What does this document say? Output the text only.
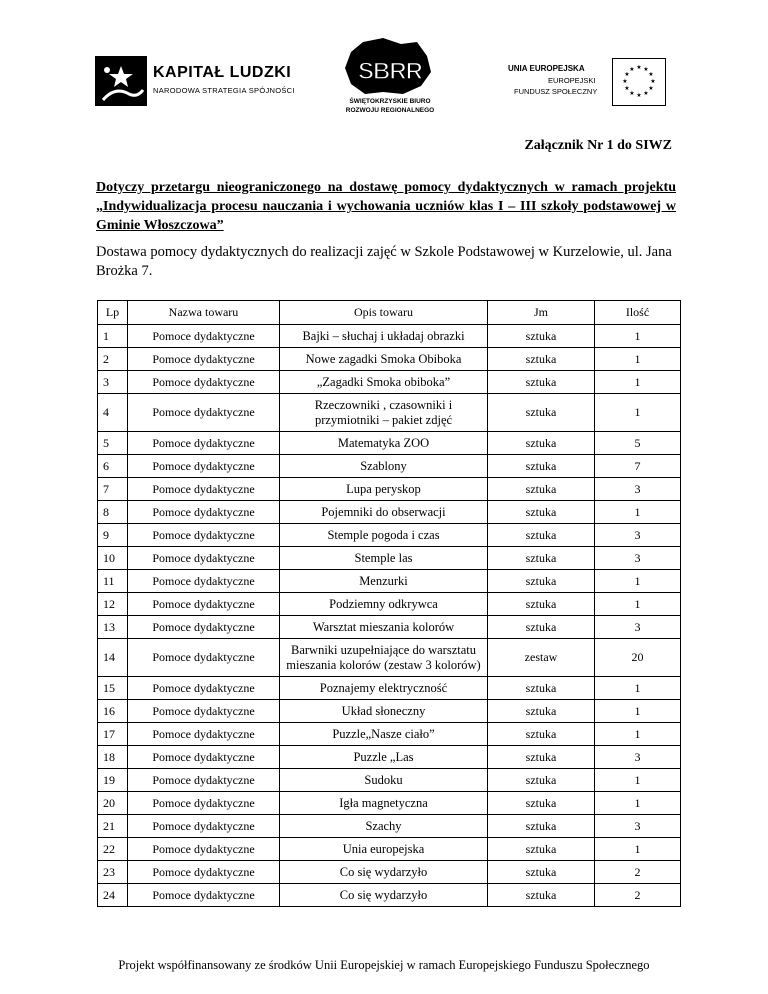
KAPITAŁ LUDZKI
NARODOWA STRATEGIA SPÓJNOŚCI
SBRR
ŚWIĘTOKRZYSKIE BIURO
ROZWOJU REGIONALNEGO
UNIA EUROPEJSKA
EUROPEJSKI
FUNDUSZ SPOŁECZNY
★ ★
★
★
★
★
★
★
★
★
★
★
Załącznik Nr 1 do SIWZ
Dotyczy przetargu nieograniczonego na dostawę pomocy dydaktycznych w ramach projektu „Indywidualizacja procesu nauczania i wychowania uczniów klas I – III szkoły podstawowej w Gminie Włoszczowa”
Dostawa pomocy dydaktycznych do realizacji zajęć w Szkole Podstawowej w Kurzelowie, ul. Jana Brożka 7.
Lp	Nazwa towaru	Opis towaru	Jm	Ilość
1	Pomoce dydaktyczne	Bajki – słuchaj i układaj obrazki	sztuka	1
2	Pomoce dydaktyczne	Nowe zagadki Smoka Obiboka	sztuka	1
3	Pomoce dydaktyczne	„Zagadki Smoka obiboka”	sztuka	1
4	Pomoce dydaktyczne	Rzeczowniki , czasowniki i przymiotniki – pakiet zdjęć	sztuka	1
5	Pomoce dydaktyczne	Matematyka ZOO	sztuka	5
6	Pomoce dydaktyczne	Szablony	sztuka	7
7	Pomoce dydaktyczne	Lupa peryskop	sztuka	3
8	Pomoce dydaktyczne	Pojemniki do obserwacji	sztuka	1
9	Pomoce dydaktyczne	Stemple pogoda i czas	sztuka	3
10	Pomoce dydaktyczne	Stemple las	sztuka	3
11	Pomoce dydaktyczne	Menzurki	sztuka	1
12	Pomoce dydaktyczne	Podziemny odkrywca	sztuka	1
13	Pomoce dydaktyczne	Warsztat mieszania kolorów	sztuka	3
14	Pomoce dydaktyczne	Barwniki uzupełniające do warsztatu mieszania kolorów (zestaw 3 kolorów)	zestaw	20
15	Pomoce dydaktyczne	Poznajemy elektryczność	sztuka	1
16	Pomoce dydaktyczne	Układ słoneczny	sztuka	1
17	Pomoce dydaktyczne	Puzzle„Nasze ciało”	sztuka	1
18	Pomoce dydaktyczne	Puzzle „Las	sztuka	3
19	Pomoce dydaktyczne	Sudoku	sztuka	1
20	Pomoce dydaktyczne	Igła magnetyczna	sztuka	1
21	Pomoce dydaktyczne	Szachy	sztuka	3
22	Pomoce dydaktyczne	Unia europejska	sztuka	1
23	Pomoce dydaktyczne	Co się wydarzyło	sztuka	2
24	Pomoce dydaktyczne	Co się wydarzyło	sztuka	2
Projekt współfinansowany ze środków Unii Europejskiej w ramach Europejskiego Funduszu Społecznego
